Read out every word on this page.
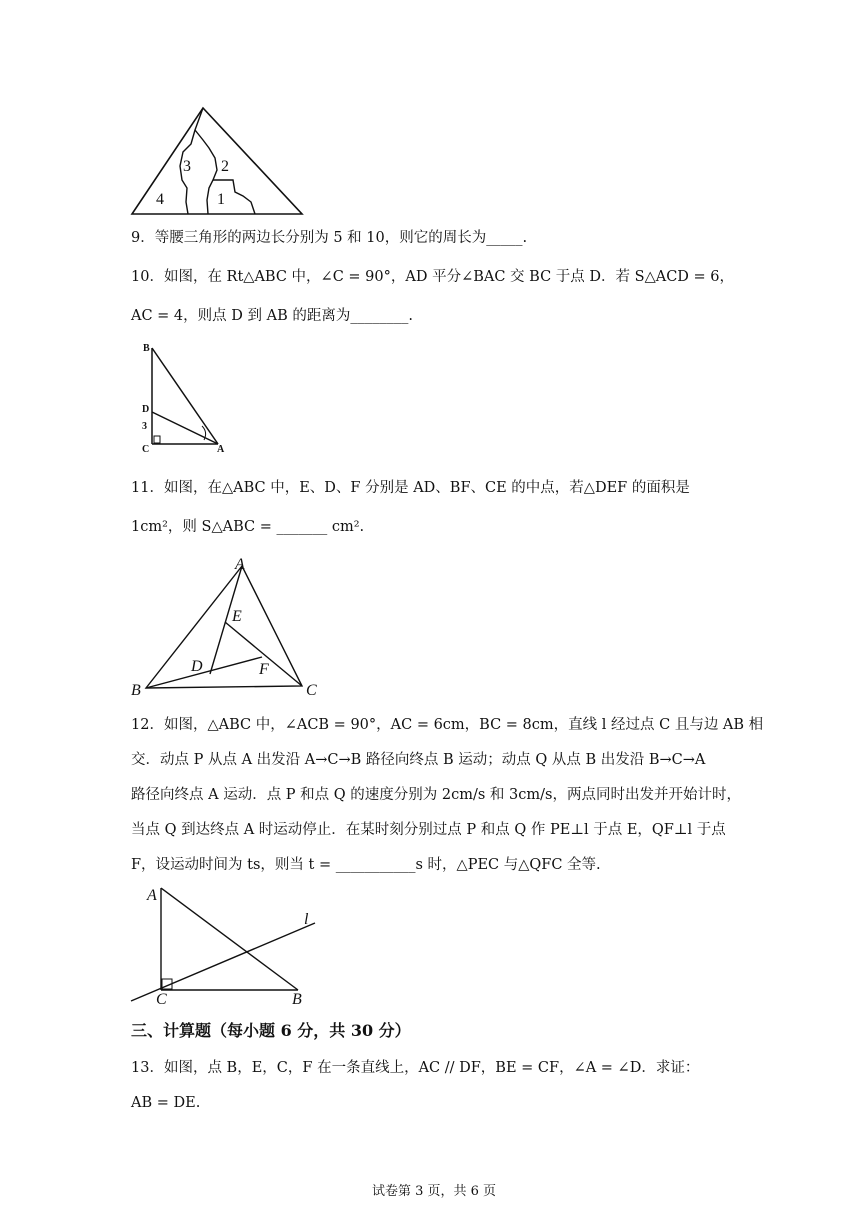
3 2
4	1
9．等腰三角形的两边长分别为 5 和 10，则它的周长为_____.
10．如图，在 Rt△ABC 中，∠C = 90°，AD 平分∠BAC 交 BC 于点 D．若 S△ACD = 6，
AC = 4，则点 D 到 AB 的距离为________.
B
D
3
C	A
11．如图，在△ABC 中，E、D、F 分别是 AD、BF、CE 的中点，若△DEF 的面积是
1cm²，则 S△ABC = _______ cm².
A
E
D	F
B	C
12．如图，△ABC 中，∠ACB = 90°，AC = 6cm，BC = 8cm，直线 l 经过点 C 且与边 AB 相
交．动点 P 从点 A 出发沿 A→C→B 路径向终点 B 运动；动点 Q 从点 B 出发沿 B→C→A
路径向终点 A 运动．点 P 和点 Q 的速度分别为 2cm/s 和 3cm/s，两点同时出发并开始计时，
当点 Q 到达终点 A 时运动停止．在某时刻分别过点 P 和点 Q 作 PE⊥l 于点 E，QF⊥l 于点
F，设运动时间为 ts，则当 t = ___________s 时，△PEC 与△QFC 全等.
A
l
C	B
三、计算题（每小题 6 分，共 30 分）
13．如图，点 B，E，C，F 在一条直线上，AC // DF，BE = CF，∠A = ∠D．求证：
AB = DE.
试卷第 3 页，共 6 页
